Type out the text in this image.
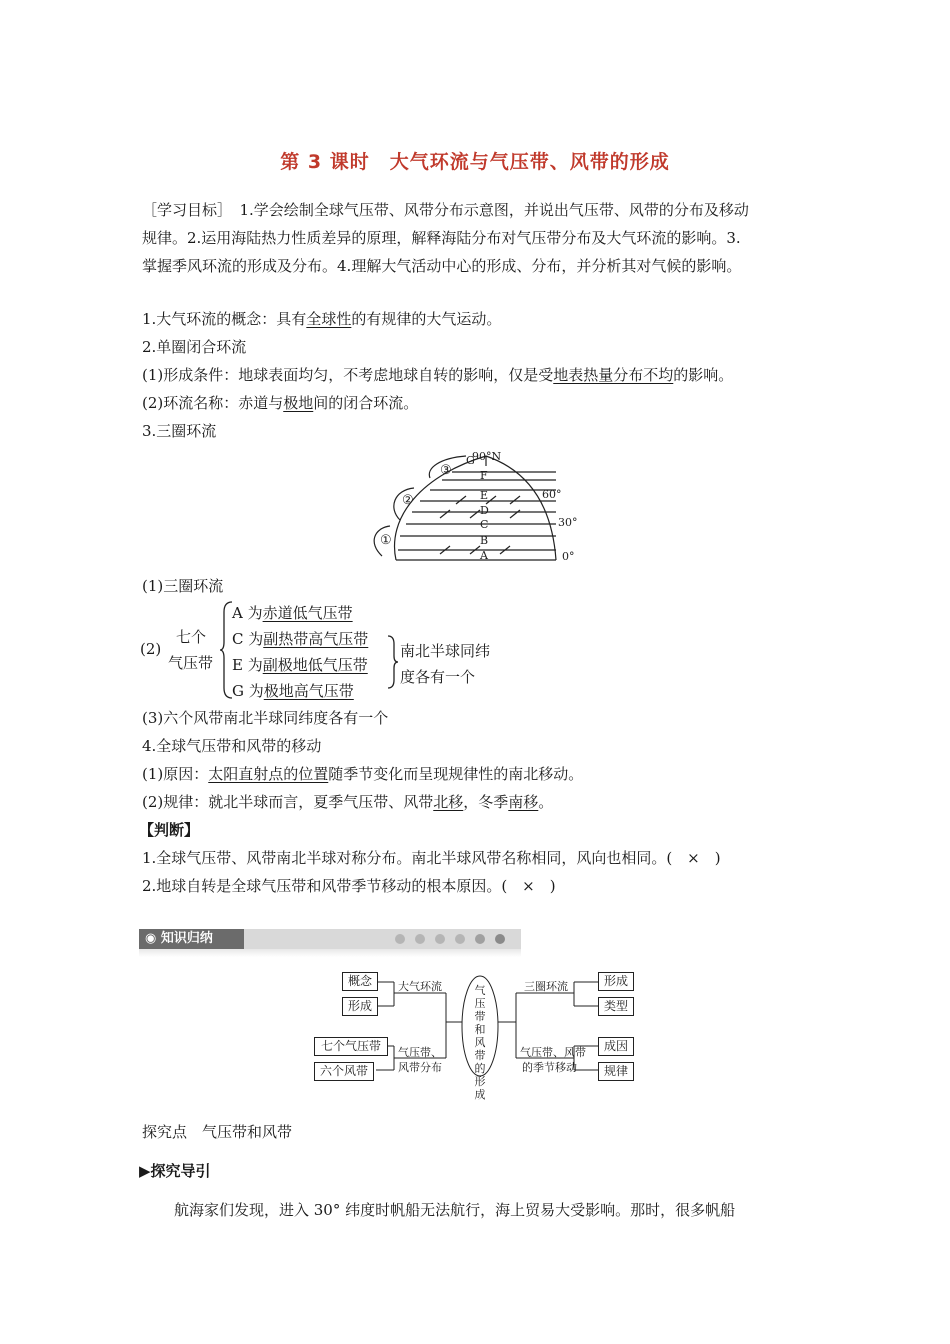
第 3 课时　大气环流与气压带、风带的形成
［学习目标］　1.学会绘制全球气压带、风带分布示意图，并说出气压带、风带的分布及移动
规律。2.运用海陆热力性质差异的原理，解释海陆分布对气压带分布及大气环流的影响。3.
掌握季风环流的形成及分布。4.理解大气活动中心的形成、分布，并分析其对气候的影响。
1.大气环流的概念：具有全球性的有规律的大气运动。
2.单圈闭合环流
(1)形成条件：地球表面均匀，不考虑地球自转的影响，仅是受地表热量分布不均的影响。
(2)环流名称：赤道与极地间的闭合环流。
3.三圈环流
G
F
E
D
C
B
A
90°N
60°
30°
0°
①
②
③
(1)三圈环流
(2)
七个
气压带
A 为赤道低气压带
C 为副热带高气压带
E 为副极地低气压带
G 为极地高气压带
南北半球同纬
度各有一个
(3)六个风带南北半球同纬度各有一个
4.全球气压带和风带的移动
(1)原因：太阳直射点的位置随季节变化而呈现规律性的南北移动。
(2)规律：就北半球而言，夏季气压带、风带北移，冬季南移。
【判断】
1.全球气压带、风带南北半球对称分布。南北半球风带名称相同，风向也相同。(　×　)
2.地球自转是全球气压带和风带季节移动的根本原因。(　×　)
◉ 知识归纳
概念
形成
大气环流
七个气压带
六个风带
气压带、
风带分布
气压带和风带的形成
三圈环流	形成
类型
气压带、风带
的季节移动
成因
规律
探究点　气压带和风带
▶探究导引
航海家们发现，进入 30° 纬度时帆船无法航行，海上贸易大受影响。那时，很多帆船
